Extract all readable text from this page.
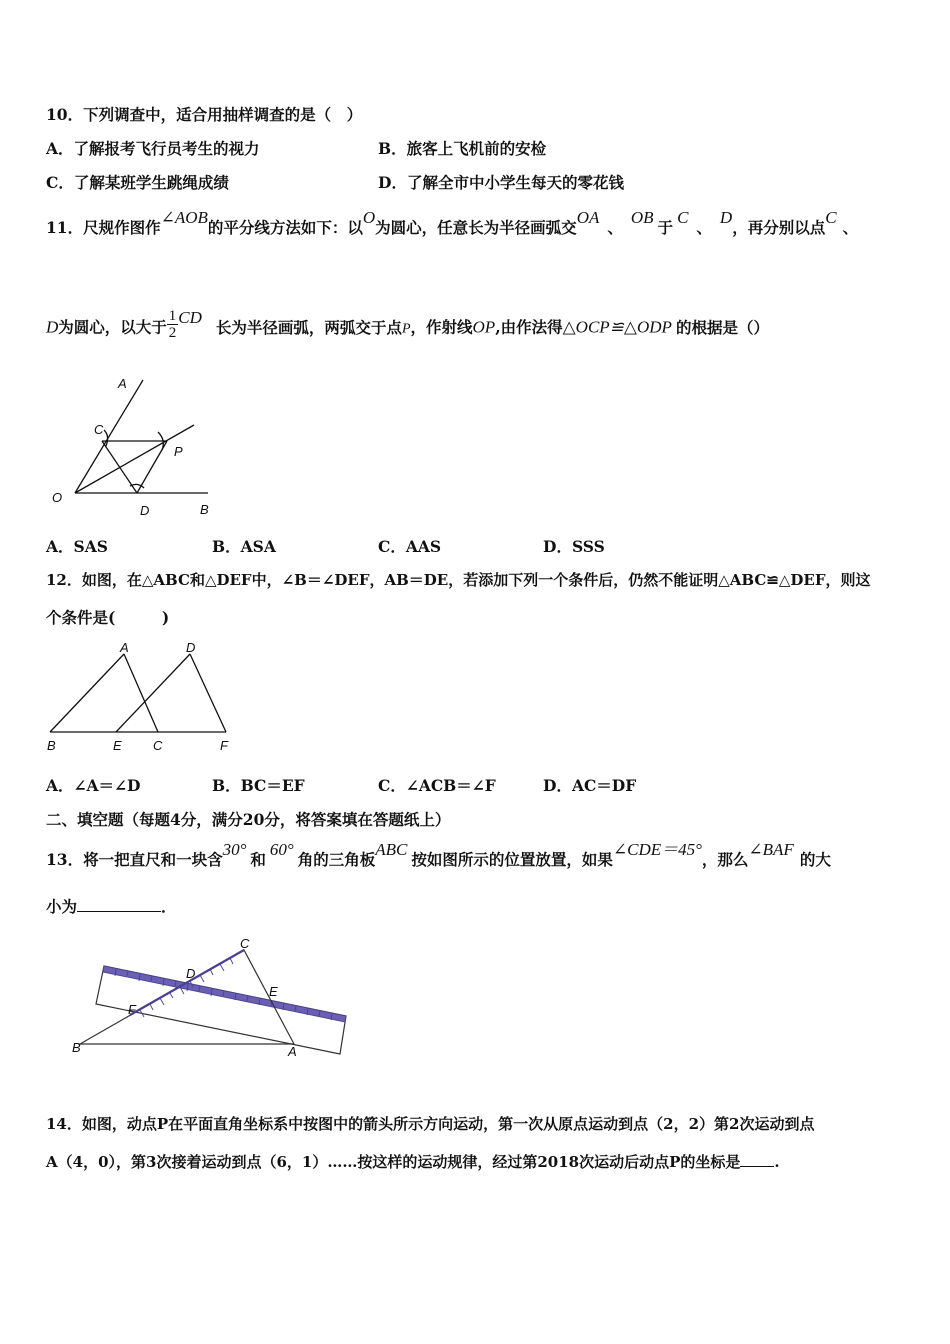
10．下列调查中，适合用抽样调查的是（　）
A．了解报考飞行员考生的视力	B．旅客上飞机前的安检
C．了解某班学生跳绳成绩	D．了解全市中小学生每天的零花钱
11．尺规作图作∠AOB的平分线方法如下：以O为圆心，任意长为半径画弧交OA、OB于C、D，再分别以点C、
D为圆心，以大于 $\frac{1}{2}$ CD长为半径画弧，两弧交于点P，作射线OP,由作法得△OCP≌△ODP 的根据是（）
A
C
P
O
D	B
A．SAS	B．ASA	C．AAS	D．SSS
12．如图，在△ABC和△DEF中，∠B＝∠DEF，AB＝DE，若添加下列一个条件后，仍然不能证明△ABC≌△DEF，则这
个条件是(　　　)
A	D
B	E C	F
A．∠A＝∠D	B．BC＝EF	C．∠ACB＝∠F	D．AC＝DF
二、填空题（每题4分，满分20分，将答案填在答题纸上）
13．将一把直尺和一块含30°和60°角的三角板ABC按如图所示的位置放置，如果∠CDE＝45°，那么∠BAF的大
小为	．
C
D
E
F
B	A
14．如图，动点P在平面直角坐标系中按图中的箭头所示方向运动，第一次从原点运动到点（2，2）第2次运动到点
A（4，0），第3次接着运动到点（6，1）……按这样的运动规律，经过第2018次运动后动点P的坐标是 .
